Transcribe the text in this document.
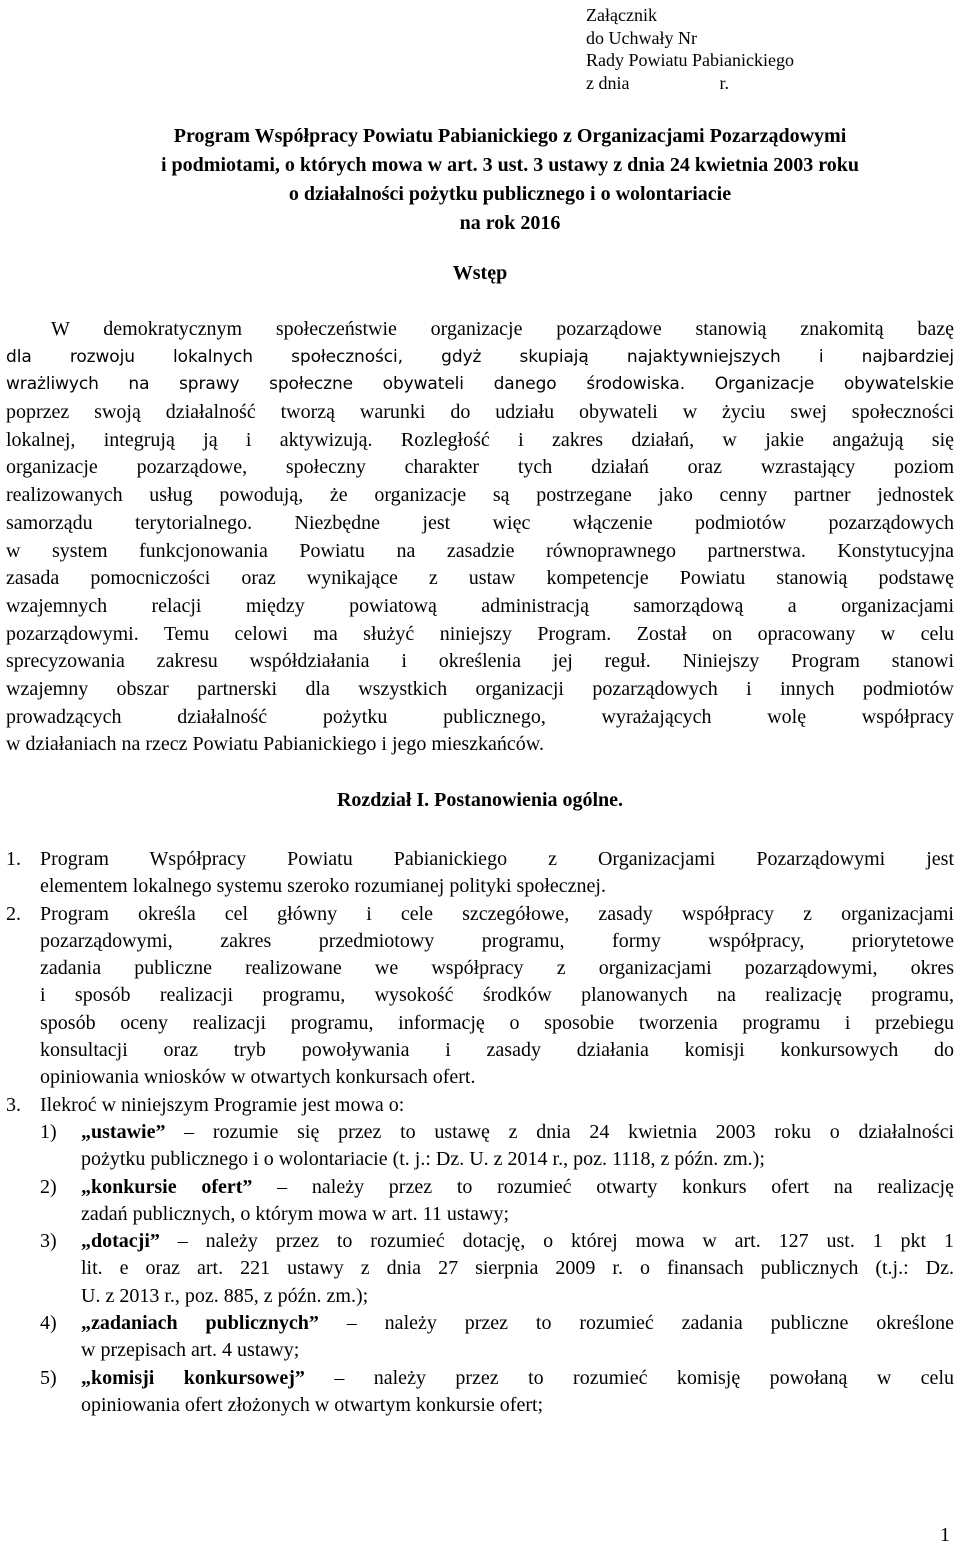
Załącznik
do Uchwały Nr
Rady Powiatu Pabianickiego
z dnia                    r.
Program Współpracy Powiatu Pabianickiego z Organizacjami Pozarządowymi
i podmiotami, o których mowa w art. 3 ust. 3 ustawy z dnia 24 kwietnia 2003 roku
o działalności pożytku publicznego i o wolontariacie
na rok 2016
Wstęp
W demokratycznym społeczeństwie organizacje pozarządowe stanowią znakomitą bazę
dla rozwoju lokalnych społeczności, gdyż skupiają najaktywniejszych i najbardziej
wrażliwych na sprawy społeczne obywateli danego środowiska. Organizacje obywatelskie
poprzez swoją działalność tworzą warunki do udziału obywateli w życiu swej społeczności
lokalnej, integrują ją i aktywizują. Rozległość i zakres działań, w jakie angażują się
organizacje pozarządowe, społeczny charakter tych działań oraz wzrastający poziom
realizowanych usług powodują, że organizacje są postrzegane jako cenny partner jednostek
samorządu terytorialnego. Niezbędne jest więc włączenie podmiotów pozarządowych
w system funkcjonowania Powiatu na zasadzie równoprawnego partnerstwa. Konstytucyjna
zasada pomocniczości oraz wynikające z ustaw kompetencje Powiatu stanowią podstawę
wzajemnych relacji między powiatową administracją samorządową a organizacjami
pozarządowymi. Temu celowi ma służyć niniejszy Program. Został on opracowany w celu
sprecyzowania zakresu współdziałania i określenia jej reguł. Niniejszy Program stanowi
wzajemny obszar partnerski dla wszystkich organizacji pozarządowych i innych podmiotów
prowadzących działalność pożytku publicznego, wyrażających wolę współpracy
w działaniach na rzecz Powiatu Pabianickiego i jego mieszkańców.
Rozdział I. Postanowienia ogólne.
1. Program Współpracy Powiatu Pabianickiego z Organizacjami Pozarządowymi jest
elementem lokalnego systemu szeroko rozumianej polityki społecznej.
2. Program określa cel główny i cele szczegółowe, zasady współpracy z organizacjami
pozarządowymi, zakres przedmiotowy programu, formy współpracy, priorytetowe
zadania publiczne realizowane we współpracy z organizacjami pozarządowymi, okres
i sposób realizacji programu, wysokość środków planowanych na realizację programu,
sposób oceny realizacji programu, informację o sposobie tworzenia programu i przebiegu
konsultacji oraz tryb powoływania i zasady działania komisji konkursowych do
opiniowania wniosków w otwartych konkursach ofert.
3. Ilekroć w niniejszym Programie jest mowa o:
1) „ustawie” – rozumie się przez to ustawę z dnia 24 kwietnia 2003 roku o działalności
pożytku publicznego i o wolontariacie (t. j.: Dz. U. z 2014 r., poz. 1118, z późn. zm.);
2) „konkursie ofert” – należy przez to rozumieć otwarty konkurs ofert na realizację
zadań publicznych, o którym mowa w art. 11 ustawy;
3) „dotacji” – należy przez to rozumieć dotację, o której mowa w art. 127 ust. 1 pkt 1
lit. e oraz art. 221 ustawy z dnia 27 sierpnia 2009 r. o finansach publicznych (t.j.: Dz.
U. z 2013 r., poz. 885, z późn. zm.);
4) „zadaniach publicznych” – należy przez to rozumieć zadania publiczne określone
w przepisach art. 4 ustawy;
5) „komisji konkursowej” – należy przez to rozumieć komisję powołaną w celu
opiniowania ofert złożonych w otwartym konkursie ofert;
1
